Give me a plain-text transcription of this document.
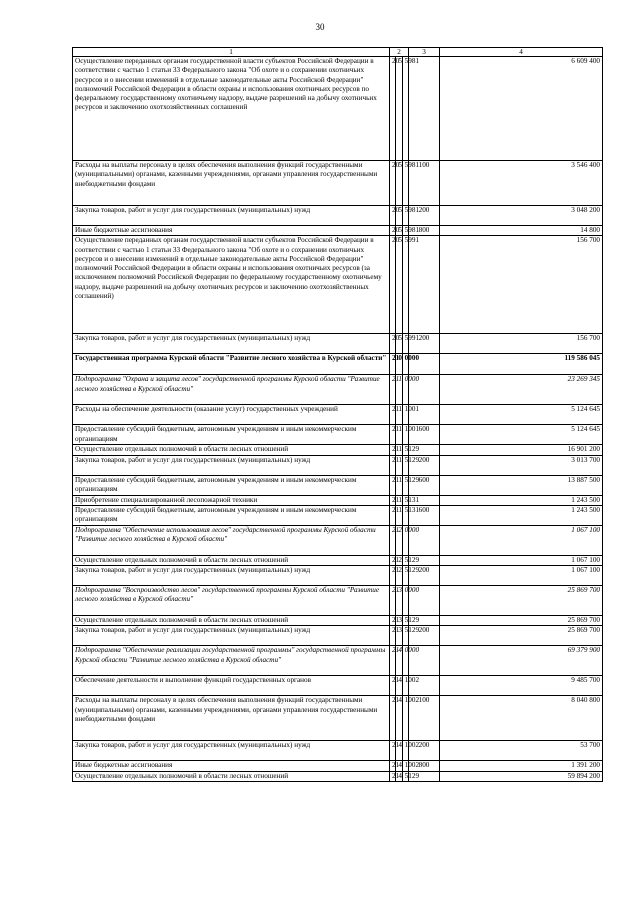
30
1	2			3	4
Осуществление переданных органам государственной власти субъектов Российской Федерации в соответствии с частью 1 статьи 33 Федерального закона "Об охоте и о сохранении охотничьих ресурсов и о внесении изменений в отдельные законодательные акты Российской Федерации" полномочий Российской Федерации в области охраны и использования охотничьих ресурсов по федеральному государственному охотничьему надзору, выдаче разрешений на добычу охотничьих ресурсов и заключению охотхозяйственных соглашений	20	5	5981		6 609 400
Расходы на выплаты персоналу в целях обеспечения выполнения функций государственными (муниципальными) органами, казенными учреждениями, органами управления государственными внебюджетными фондами	20	5	5981	100	3 546 400
Закупка товаров, работ и услуг для государственных (муниципальных) нужд	20	5	5981	200	3 048 200
Иные бюджетные ассигнования	20	5	5981	800	14 800
Осуществление переданных органам государственной власти субъектов Российской Федерации в соответствии с частью 1 статьи 33 Федерального закона "Об охоте и о сохранении охотничьих ресурсов и о внесении изменений в отдельные законодательные акты Российской Федерации" полномочий Российской Федерации в области охраны и использования охотничьих ресурсов (за исключением полномочий Российской Федерации по федеральному государственному охотничьему надзору, выдаче разрешений на добычу охотничьих ресурсов и заключению охотхозяйственных соглашений)	20	5	5991		156 700
Закупка товаров, работ и услуг для государственных (муниципальных) нужд	20	5	5991	200	156 700
Государственная программа Курской области "Развитие лесного хозяйства в Курской области"	21	0	0000		119 586 045
Подпрограмма "Охрана и защита лесов" государственной программы Курской области "Развитие лесного хозяйства в Курской области"	21	1	0000		23 269 345
Расходы на обеспечение деятельности (оказание услуг) государственных учреждений	21	1	1001		5 124 645
Предоставление субсидий бюджетным, автономным учреждениям и иным некоммерческим организациям	21	1	1001	600	5 124 645
Осуществление отдельных полномочий в области лесных отношений	21	1	5129		16 901 200
Закупка товаров, работ и услуг для государственных (муниципальных) нужд	21	1	5129	200	3 013 700
Предоставление субсидий бюджетным, автономным учреждениям и иным некоммерческим организациям	21	1	5129	600	13 887 500
Приобретение специализированной лесопожарной техники	21	1	5131		1 243 500
Предоставление субсидий бюджетным, автономным учреждениям и иным некоммерческим организациям	21	1	5131	600	1 243 500
Подпрограмма "Обеспечение использования лесов" государственной программы Курской области "Развитие лесного хозяйства в Курской области"	21	2	0000		1 067 100
Осуществление отдельных полномочий в области лесных отношений	21	2	5129		1 067 100
Закупка товаров, работ и услуг для государственных (муниципальных) нужд	21	2	5129	200	1 067 100
Подпрограмма "Воспроизводство лесов" государственной программы Курской области "Развитие лесного хозяйства в Курской области"	21	3	0000		25 869 700
Осуществление отдельных полномочий в области лесных отношений	21	3	5129		25 869 700
Закупка товаров, работ и услуг для государственных (муниципальных) нужд	21	3	5129	200	25 869 700
Подпрограмма "Обеспечение реализации государственной программы" государственной программы Курской области "Развитие лесного хозяйства в Курской области"	21	4	0000		69 379 900
Обеспечение деятельности и выполнение функций государственных органов	21	4	1002		9 485 700
Расходы на выплаты персоналу в целях обеспечения выполнения функций государственными (муниципальными) органами, казенными учреждениями, органами управления государственными внебюджетными фондами	21	4	1002	100	8 040 800
Закупка товаров, работ и услуг для государственных (муниципальных) нужд	21	4	1002	200	53 700
Иные бюджетные ассигнования	21	4	1002	800	1 391 200
Осуществление отдельных полномочий в области лесных отношений	21	4	5129		59 894 200
